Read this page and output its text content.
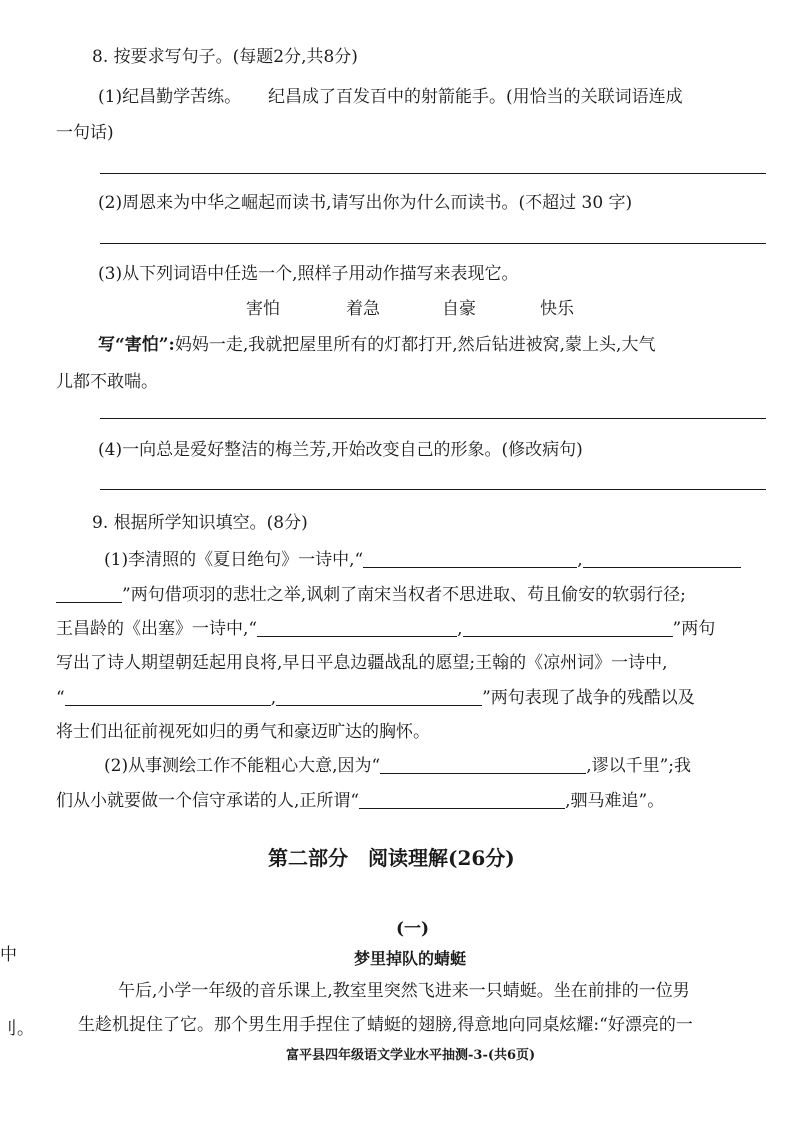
8. 按要求写句子。(每题2分,共8分)
(1)纪昌勤学苦练。 纪昌成了百发百中的射箭能手。(用恰当的关联词语连成
一句话)
(2)周恩来为中华之崛起而读书,请写出你为什么而读书。(不超过 30 字)
(3)从下列词语中任选一个,照样子用动作描写来表现它。
害怕	着急	自豪	快乐
写“害怕”:妈妈一走,我就把屋里所有的灯都打开,然后钻进被窝,蒙上头,大气
儿都不敢喘。
(4)一向总是爱好整洁的梅兰芳,开始改变自己的形象。(修改病句)
9. 根据所学知识填空。(8分)
(1)李清照的《夏日绝句》一诗中,“	,
”两句借项羽的悲壮之举,讽刺了南宋当权者不思进取、苟且偷安的软弱行径;
王昌龄的《出塞》一诗中,“	,	”两句
写出了诗人期望朝廷起用良将,早日平息边疆战乱的愿望;王翰的《凉州词》一诗中,
“	,	”两句表现了战争的残酷以及
将士们出征前视死如归的勇气和豪迈旷达的胸怀。
(2)从事测绘工作不能粗心大意,因为“	,谬以千里”;我
们从小就要做一个信守承诺的人,正所谓“	,驷马难追”。
第二部分　阅读理解(26分)
(一)
梦里掉队的蜻蜓
午后,小学一年级的音乐课上,教室里突然飞进来一只蜻蜓。坐在前排的一位男
生趁机捉住了它。那个男生用手捏住了蜻蜓的翅膀,得意地向同桌炫耀:“好漂亮的一
中
刂。
富平县四年级语文学业水平抽测-3-(共6页)
